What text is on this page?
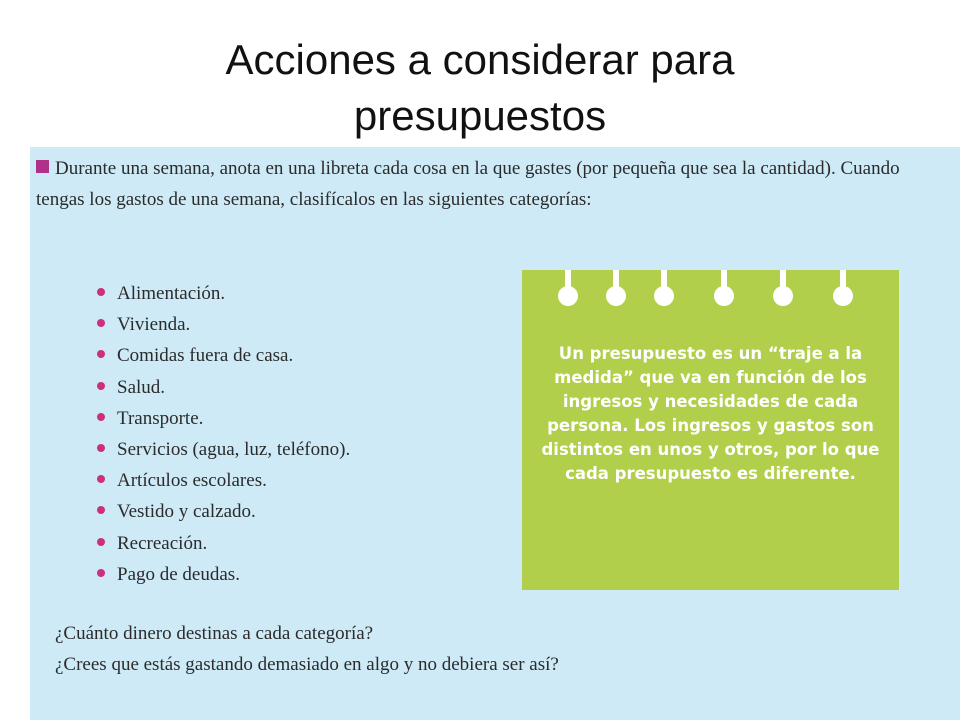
Acciones a considerar para
presupuestos
Durante una semana, anota en una libreta cada cosa en la que gastes (por pequeña que sea la cantidad). Cuando tengas los gastos de una semana, clasifícalos en las siguientes categorías:
Alimentación.
Vivienda.
Comidas fuera de casa.
Salud.
Transporte.
Servicios (agua, luz, teléfono).
Artículos escolares.
Vestido y calzado.
Recreación.
Pago de deudas.
Un presupuesto es un “traje a la medida” que va en función de los ingresos y necesidades de cada persona. Los ingresos y gastos son distintos en unos y otros, por lo que cada presupuesto es diferente.
¿Cuánto dinero destinas a cada categoría?
¿Crees que estás gastando demasiado en algo y no debiera ser así?
